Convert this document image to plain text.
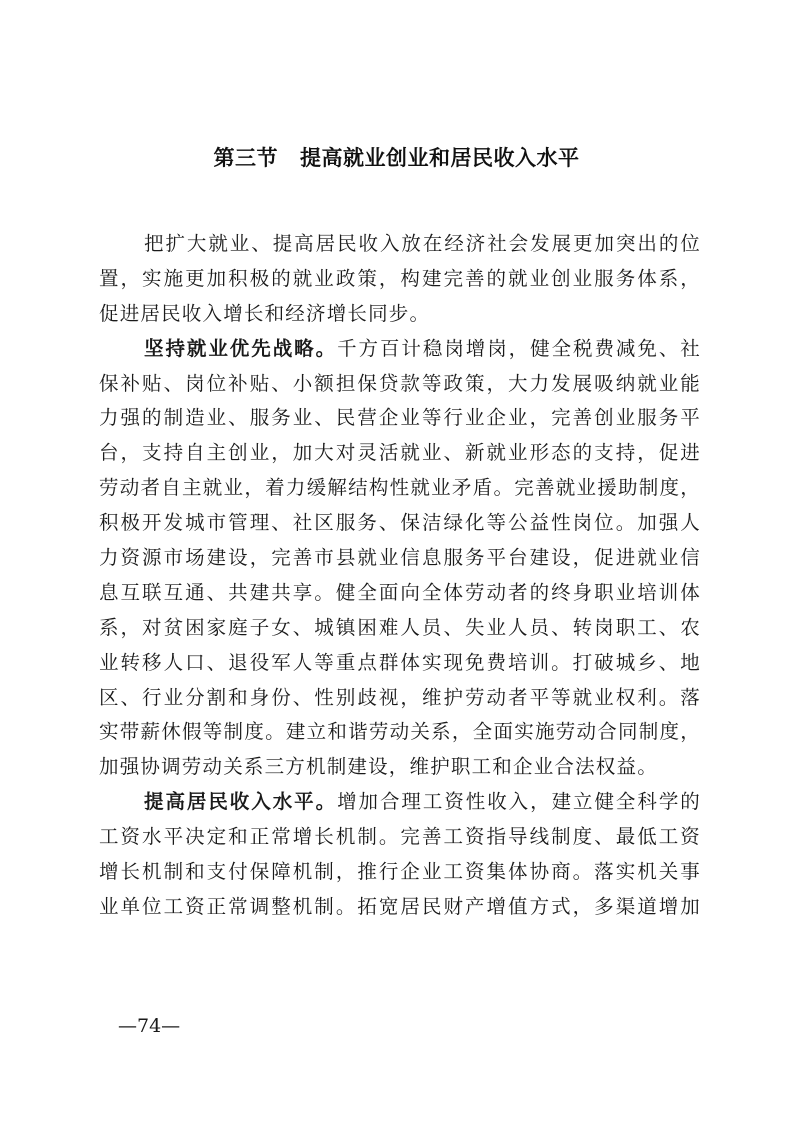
第三节 提高就业创业和居民收入水平
把扩大就业、提高居民收入放在经济社会发展更加突出的位
置，实施更加积极的就业政策，构建完善的就业创业服务体系，
促进居民收入增长和经济增长同步。
坚持就业优先战略。千方百计稳岗增岗，健全税费减免、社
保补贴、岗位补贴、小额担保贷款等政策，大力发展吸纳就业能
力强的制造业、服务业、民营企业等行业企业，完善创业服务平
台，支持自主创业，加大对灵活就业、新就业形态的支持，促进
劳动者自主就业，着力缓解结构性就业矛盾。完善就业援助制度，
积极开发城市管理、社区服务、保洁绿化等公益性岗位。加强人
力资源市场建设，完善市县就业信息服务平台建设，促进就业信
息互联互通、共建共享。健全面向全体劳动者的终身职业培训体
系，对贫困家庭子女、城镇困难人员、失业人员、转岗职工、农
业转移人口、退役军人等重点群体实现免费培训。打破城乡、地
区、行业分割和身份、性别歧视，维护劳动者平等就业权利。落
实带薪休假等制度。建立和谐劳动关系，全面实施劳动合同制度，
加强协调劳动关系三方机制建设，维护职工和企业合法权益。
提高居民收入水平。增加合理工资性收入，建立健全科学的
工资水平决定和正常增长机制。完善工资指导线制度、最低工资
增长机制和支付保障机制，推行企业工资集体协商。落实机关事
业单位工资正常调整机制。拓宽居民财产增值方式，多渠道增加
—74—
